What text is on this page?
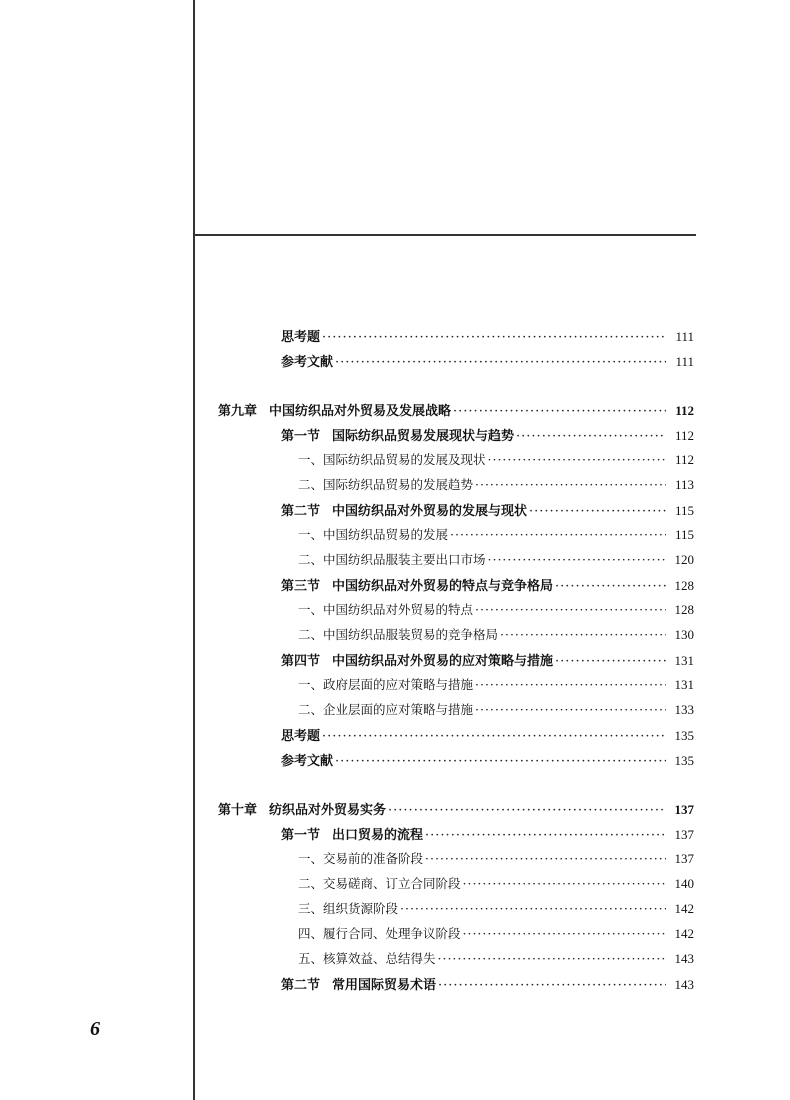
思考题 ·····	111
参考文献 ·····	111
第九章 中国纺织品对外贸易及发展战略 ·····	112
第一节 国际纺织品贸易发展现状与趋势 ·····	112
一、国际纺织品贸易的发展及现状 ·····	112
二、国际纺织品贸易的发展趋势 ·····	113
第二节 中国纺织品对外贸易的发展与现状 ·····	115
一、中国纺织品贸易的发展 ·····	115
二、中国纺织品服装主要出口市场 ·····	120
第三节 中国纺织品对外贸易的特点与竞争格局 ·····	128
一、中国纺织品对外贸易的特点 ·····	128
二、中国纺织品服装贸易的竞争格局 ·····	130
第四节 中国纺织品对外贸易的应对策略与措施 ·····	131
一、政府层面的应对策略与措施 ·····	131
二、企业层面的应对策略与措施 ·····	133
思考题 ·····	135
参考文献 ·····	135
第十章 纺织品对外贸易实务 ·····	137
第一节 出口贸易的流程 ·····	137
一、交易前的准备阶段 ·····	137
二、交易磋商、订立合同阶段 ·····	140
三、组织货源阶段 ·····	142
四、履行合同、处理争议阶段 ·····	142
五、核算效益、总结得失 ·····	143
第二节 常用国际贸易术语 ·····	143
6
